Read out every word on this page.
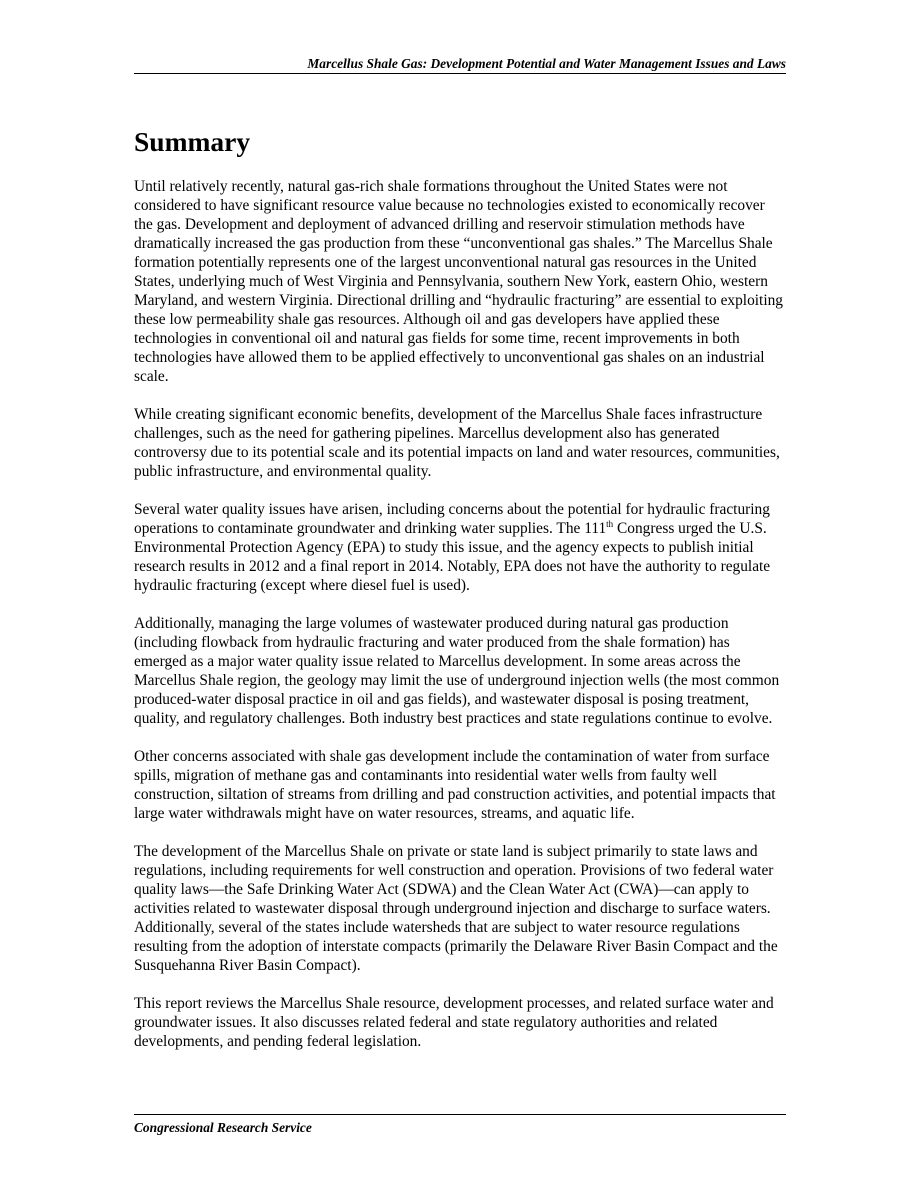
Marcellus Shale Gas: Development Potential and Water Management Issues and Laws
Summary

Until relatively recently, natural gas-rich shale formations throughout the United States were not considered to have significant resource value because no technologies existed to economically recover the gas. Development and deployment of advanced drilling and reservoir stimulation methods have dramatically increased the gas production from these “unconventional gas shales.” The Marcellus Shale formation potentially represents one of the largest unconventional natural gas resources in the United States, underlying much of West Virginia and Pennsylvania, southern New York, eastern Ohio, western Maryland, and western Virginia. Directional drilling and “hydraulic fracturing” are essential to exploiting these low permeability shale gas resources. Although oil and gas developers have applied these technologies in conventional oil and natural gas fields for some time, recent improvements in both technologies have allowed them to be applied effectively to unconventional gas shales on an industrial scale.

While creating significant economic benefits, development of the Marcellus Shale faces infrastructure challenges, such as the need for gathering pipelines. Marcellus development also has generated controversy due to its potential scale and its potential impacts on land and water resources, communities, public infrastructure, and environmental quality.

Several water quality issues have arisen, including concerns about the potential for hydraulic fracturing operations to contaminate groundwater and drinking water supplies. The 111th Congress urged the U.S. Environmental Protection Agency (EPA) to study this issue, and the agency expects to publish initial research results in 2012 and a final report in 2014. Notably, EPA does not have the authority to regulate hydraulic fracturing (except where diesel fuel is used).

Additionally, managing the large volumes of wastewater produced during natural gas production (including flowback from hydraulic fracturing and water produced from the shale formation) has emerged as a major water quality issue related to Marcellus development. In some areas across the Marcellus Shale region, the geology may limit the use of underground injection wells (the most common produced-water disposal practice in oil and gas fields), and wastewater disposal is posing treatment, quality, and regulatory challenges. Both industry best practices and state regulations continue to evolve.

Other concerns associated with shale gas development include the contamination of water from surface spills, migration of methane gas and contaminants into residential water wells from faulty well construction, siltation of streams from drilling and pad construction activities, and potential impacts that large water withdrawals might have on water resources, streams, and aquatic life.

The development of the Marcellus Shale on private or state land is subject primarily to state laws and regulations, including requirements for well construction and operation. Provisions of two federal water quality laws—the Safe Drinking Water Act (SDWA) and the Clean Water Act (CWA)—can apply to activities related to wastewater disposal through underground injection and discharge to surface waters. Additionally, several of the states include watersheds that are subject to water resource regulations resulting from the adoption of interstate compacts (primarily the Delaware River Basin Compact and the Susquehanna River Basin Compact).

This report reviews the Marcellus Shale resource, development processes, and related surface water and groundwater issues. It also discusses related federal and state regulatory authorities and related developments, and pending federal legislation.

Congressional Research Service
